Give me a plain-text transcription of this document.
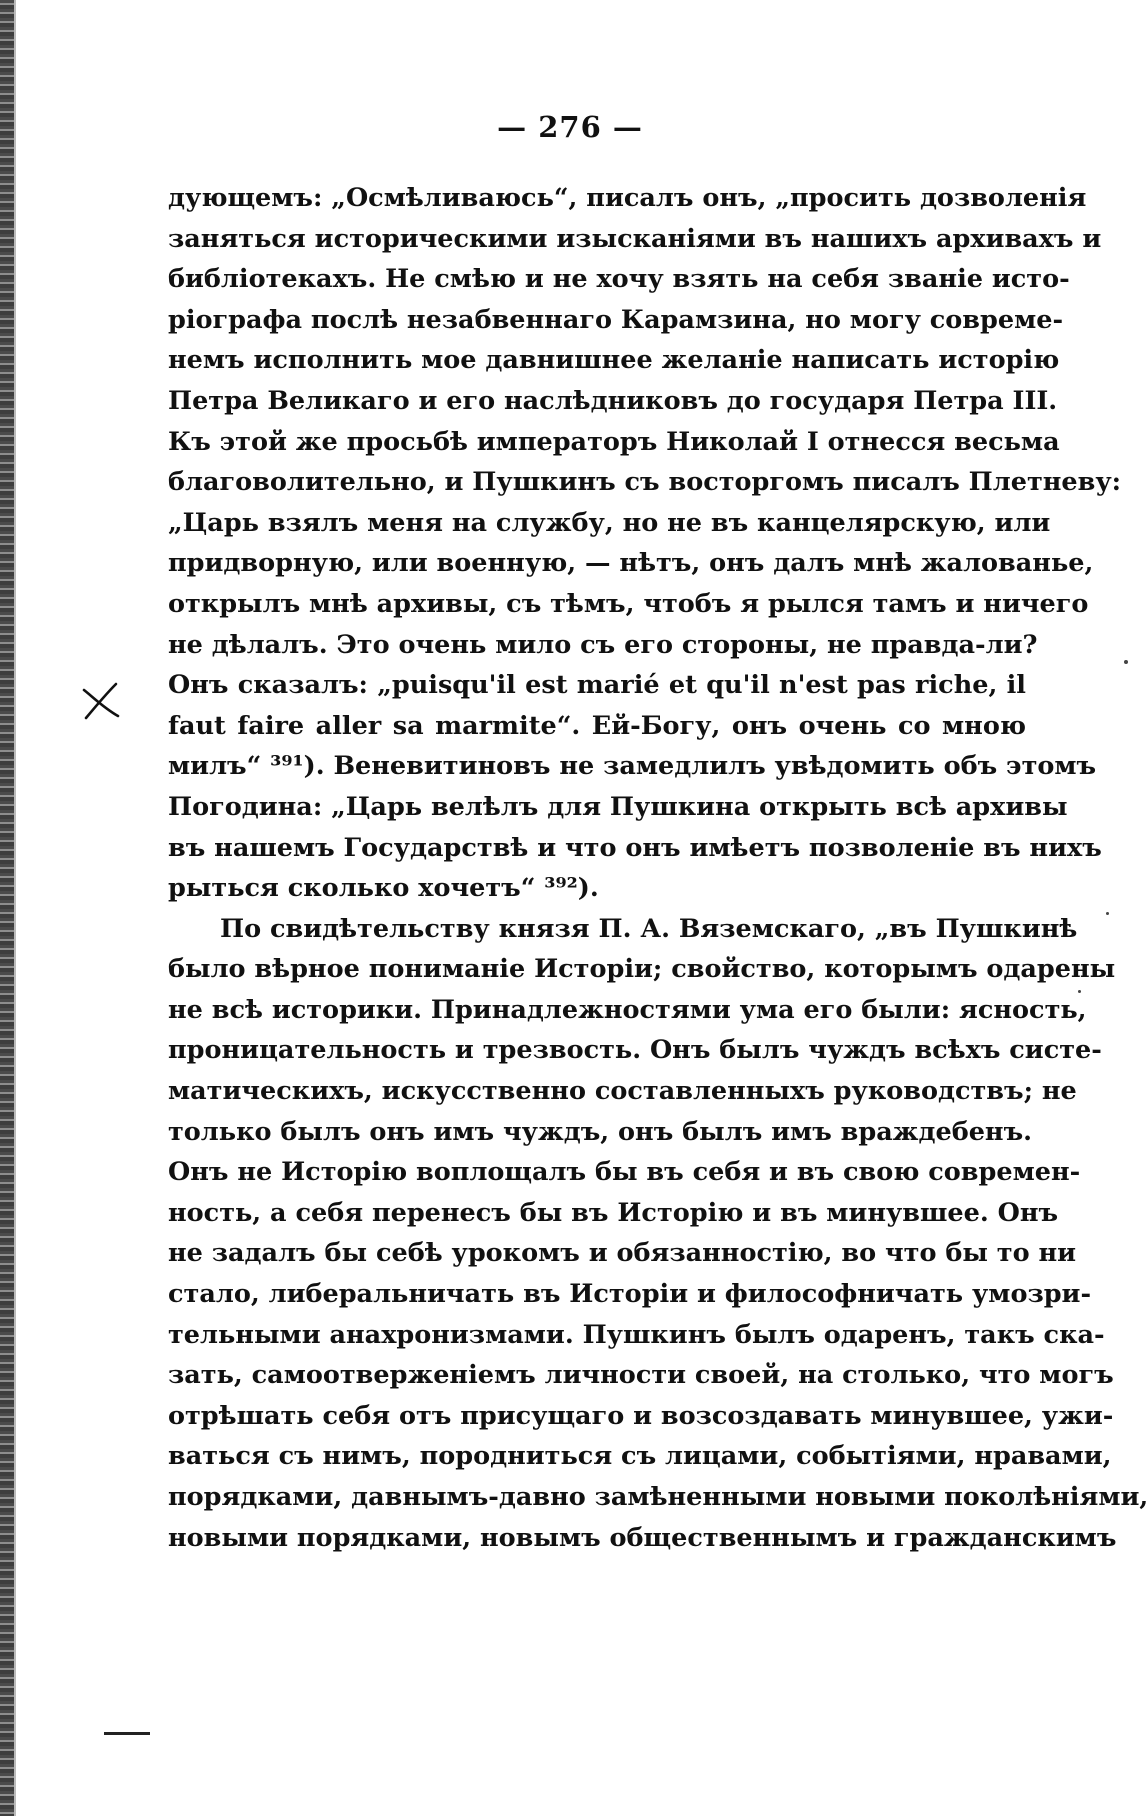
— 276 —
дующемъ: „Осмѣливаюсь“, писалъ онъ, „просить дозволенія
заняться историческими изысканіями въ нашихъ архивахъ и
библіотекахъ. Не смѣю и не хочу взять на себя званіе исто-
ріографа послѣ незабвеннаго Карамзина, но могу совреме-
немъ исполнить мое давнишнее желаніе написать исторію
Петра Великаго и его наслѣдниковъ до государя Петра III.
Къ этой же просьбѣ императоръ Николай I отнесся весьма
благоволительно, и Пушкинъ съ восторгомъ писалъ Плетневу:
„Царь взялъ меня на службу, но не въ канцелярскую, или
придворную, или военную, — нѣтъ, онъ далъ мнѣ жалованье,
открылъ мнѣ архивы, съ тѣмъ, чтобъ я рылся тамъ и ничего
не дѣлалъ. Это очень мило съ его стороны, не правда-ли?
Онъ сказалъ: „puisqu'il est marié et qu'il n'est pas riche, il
faut faire aller sa marmite“. Ей-Богу, онъ очень со мною
милъ“ ³⁹¹). Веневитиновъ не замедлилъ увѣдомить объ этомъ
Погодина: „Царь велѣлъ для Пушкина открыть всѣ архивы
въ нашемъ Государствѣ и что онъ имѣетъ позволеніе въ нихъ
рыться сколько хочетъ“ ³⁹²).
По свидѣтельству князя П. А. Вяземскаго, „въ Пушкинѣ
было вѣрное пониманіе Исторіи; свойство, которымъ одарены
не всѣ историки. Принадлежностями ума его были: ясность,
проницательность и трезвость. Онъ былъ чуждъ всѣхъ систе-
матическихъ, искусственно составленныхъ руководствъ; не
только былъ онъ имъ чуждъ, онъ былъ имъ враждебенъ.
Онъ не Исторію воплощалъ бы въ себя и въ свою современ-
ность, а себя перенесъ бы въ Исторію и въ минувшее. Онъ
не задалъ бы себѣ урокомъ и обязанностію, во что бы то ни
стало, либеральничать въ Исторіи и философничать умозри-
тельными анахронизмами. Пушкинъ былъ одаренъ, такъ ска-
зать, самоотверженіемъ личности своей, на столько, что могъ
отрѣшать себя отъ присущаго и возсоздавать минувшее, ужи-
ваться съ нимъ, породниться съ лицами, событіями, нравами,
порядками, давнымъ-давно замѣненными новыми поколѣніями,
новыми порядками, новымъ общественнымъ и гражданскимъ
